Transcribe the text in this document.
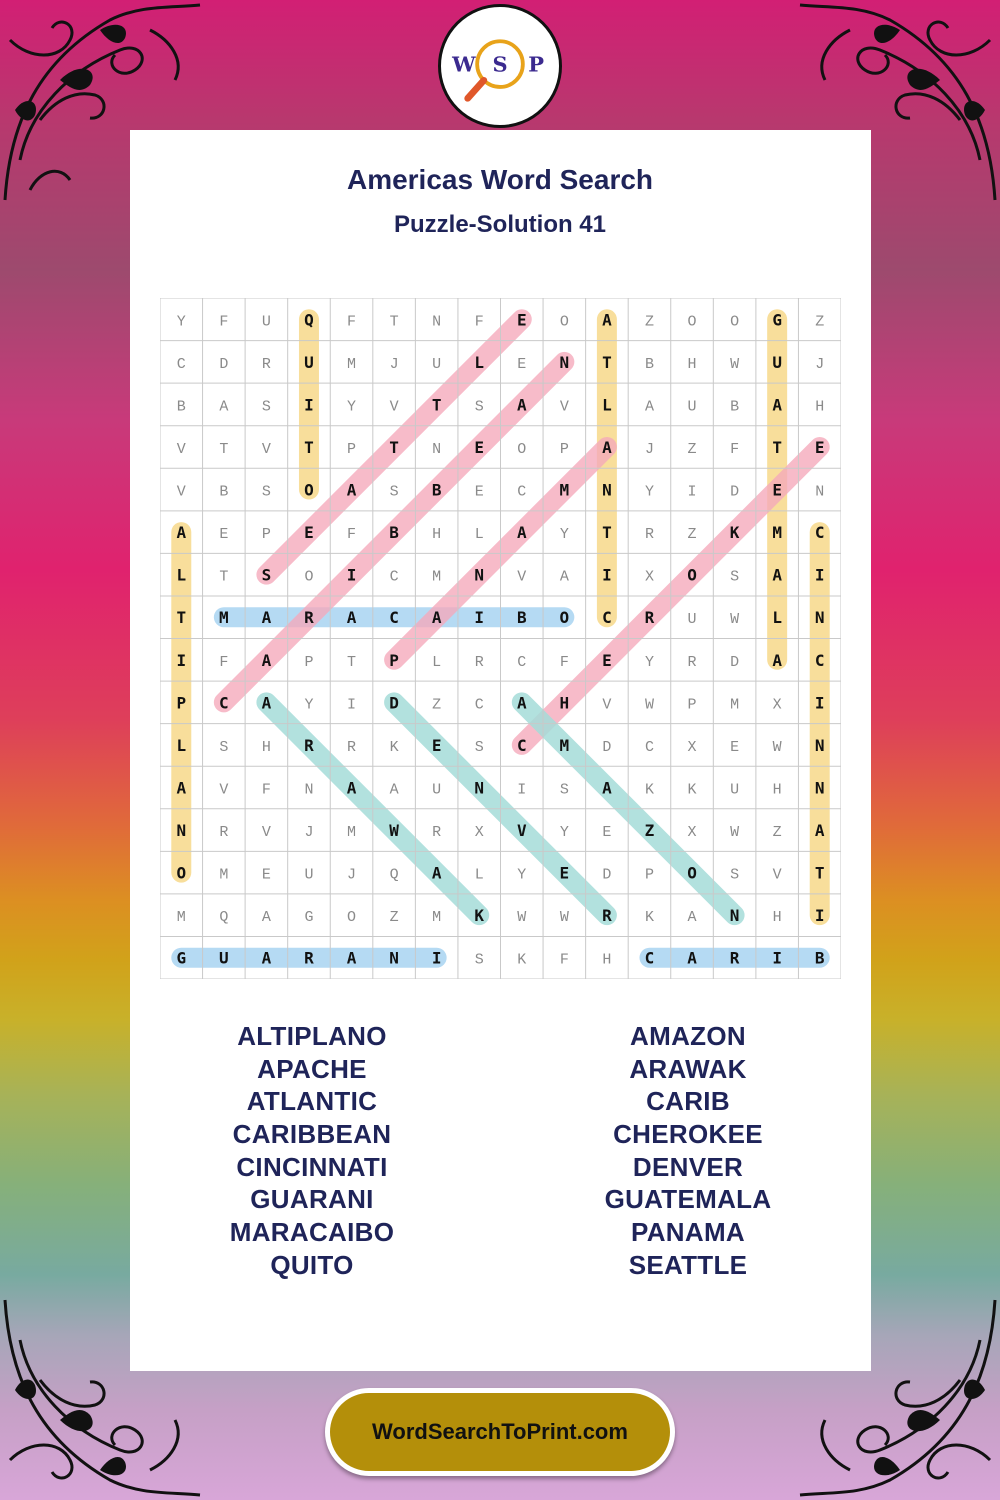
W S P
Americas Word Search
Puzzle-Solution 41
Y F U Q F T N F E O A Z O O G Z
C D R U M J U L E N T B H W U J
B A S I Y V T S A V L A U B A H
V T V T P T N E O P A J Z F T E
V B S O A S B E C M N Y I D E N
A E P E F B H L A Y T R Z K M C
L T S O I C M N V A I X O S A I
T M A R A C A I B O C R U W L N
I F A P T P L R C F E Y R D A C
P C A Y I D Z C A H V W P M X I
L S H R R K E S C M D C X E W N
A V F N A A U N I S A K K U H N
N R V J M W R X V Y E Z X W Z A
O M E U J Q A L Y E D P O S V T
M Q A G O Z M K W W R K A N H I
G U A R A N I S K F H C A R I B
ALTIPLANO
APACHE
ATLANTIC
CARIBBEAN
CINCINNATI
GUARANI
MARACAIBO
QUITO
AMAZON
ARAWAK
CARIB
CHEROKEE
DENVER
GUATEMALA
PANAMA
SEATTLE
WordSearchToPrint.com
